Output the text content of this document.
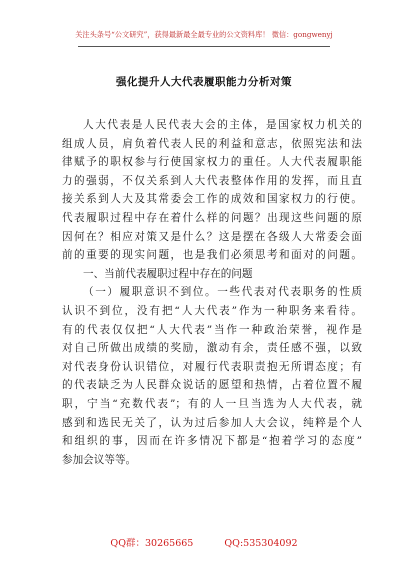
关注头条号“公文研究”，获得最新最全最专业的公文资料库！ 微信：gongwenyj
强化提升人大代表履职能力分析对策
人大代表是人民代表大会的主体，是国家权力机关的
组成人员，肩负着代表人民的利益和意志，依照宪法和法
律赋予的职权参与行使国家权力的重任。人大代表履职能
力的强弱，不仅关系到人大代表整体作用的发挥，而且直
接关系到人大及其常委会工作的成效和国家权力的行使。
代表履职过程中存在着什么样的问题？出现这些问题的原
因何在？相应对策又是什么？这是摆在各级人大常委会面
前的重要的现实问题，也是我们必须思考和面对的问题。
一、当前代表履职过程中存在的问题
（一）履职意识不到位。一些代表对代表职务的性质
认识不到位，没有把“人大代表”作为一种职务来看待。
有的代表仅仅把“人大代表”当作一种政治荣誉，视作是
对自己所做出成绩的奖励，激动有余，责任感不强，以致
对代表身份认识错位，对履行代表职责抱无所谓态度；有
的代表缺乏为人民群众说话的愿望和热情，占着位置不履
职，宁当“充数代表”；有的人一旦当选为人大代表，就
感到和选民无关了，认为过后参加人大会议，纯粹是个人
和组织的事，因而在许多情况下都是“抱着学习的态度”
参加会议等等。
QQ群：30265665	QQ:535304092
